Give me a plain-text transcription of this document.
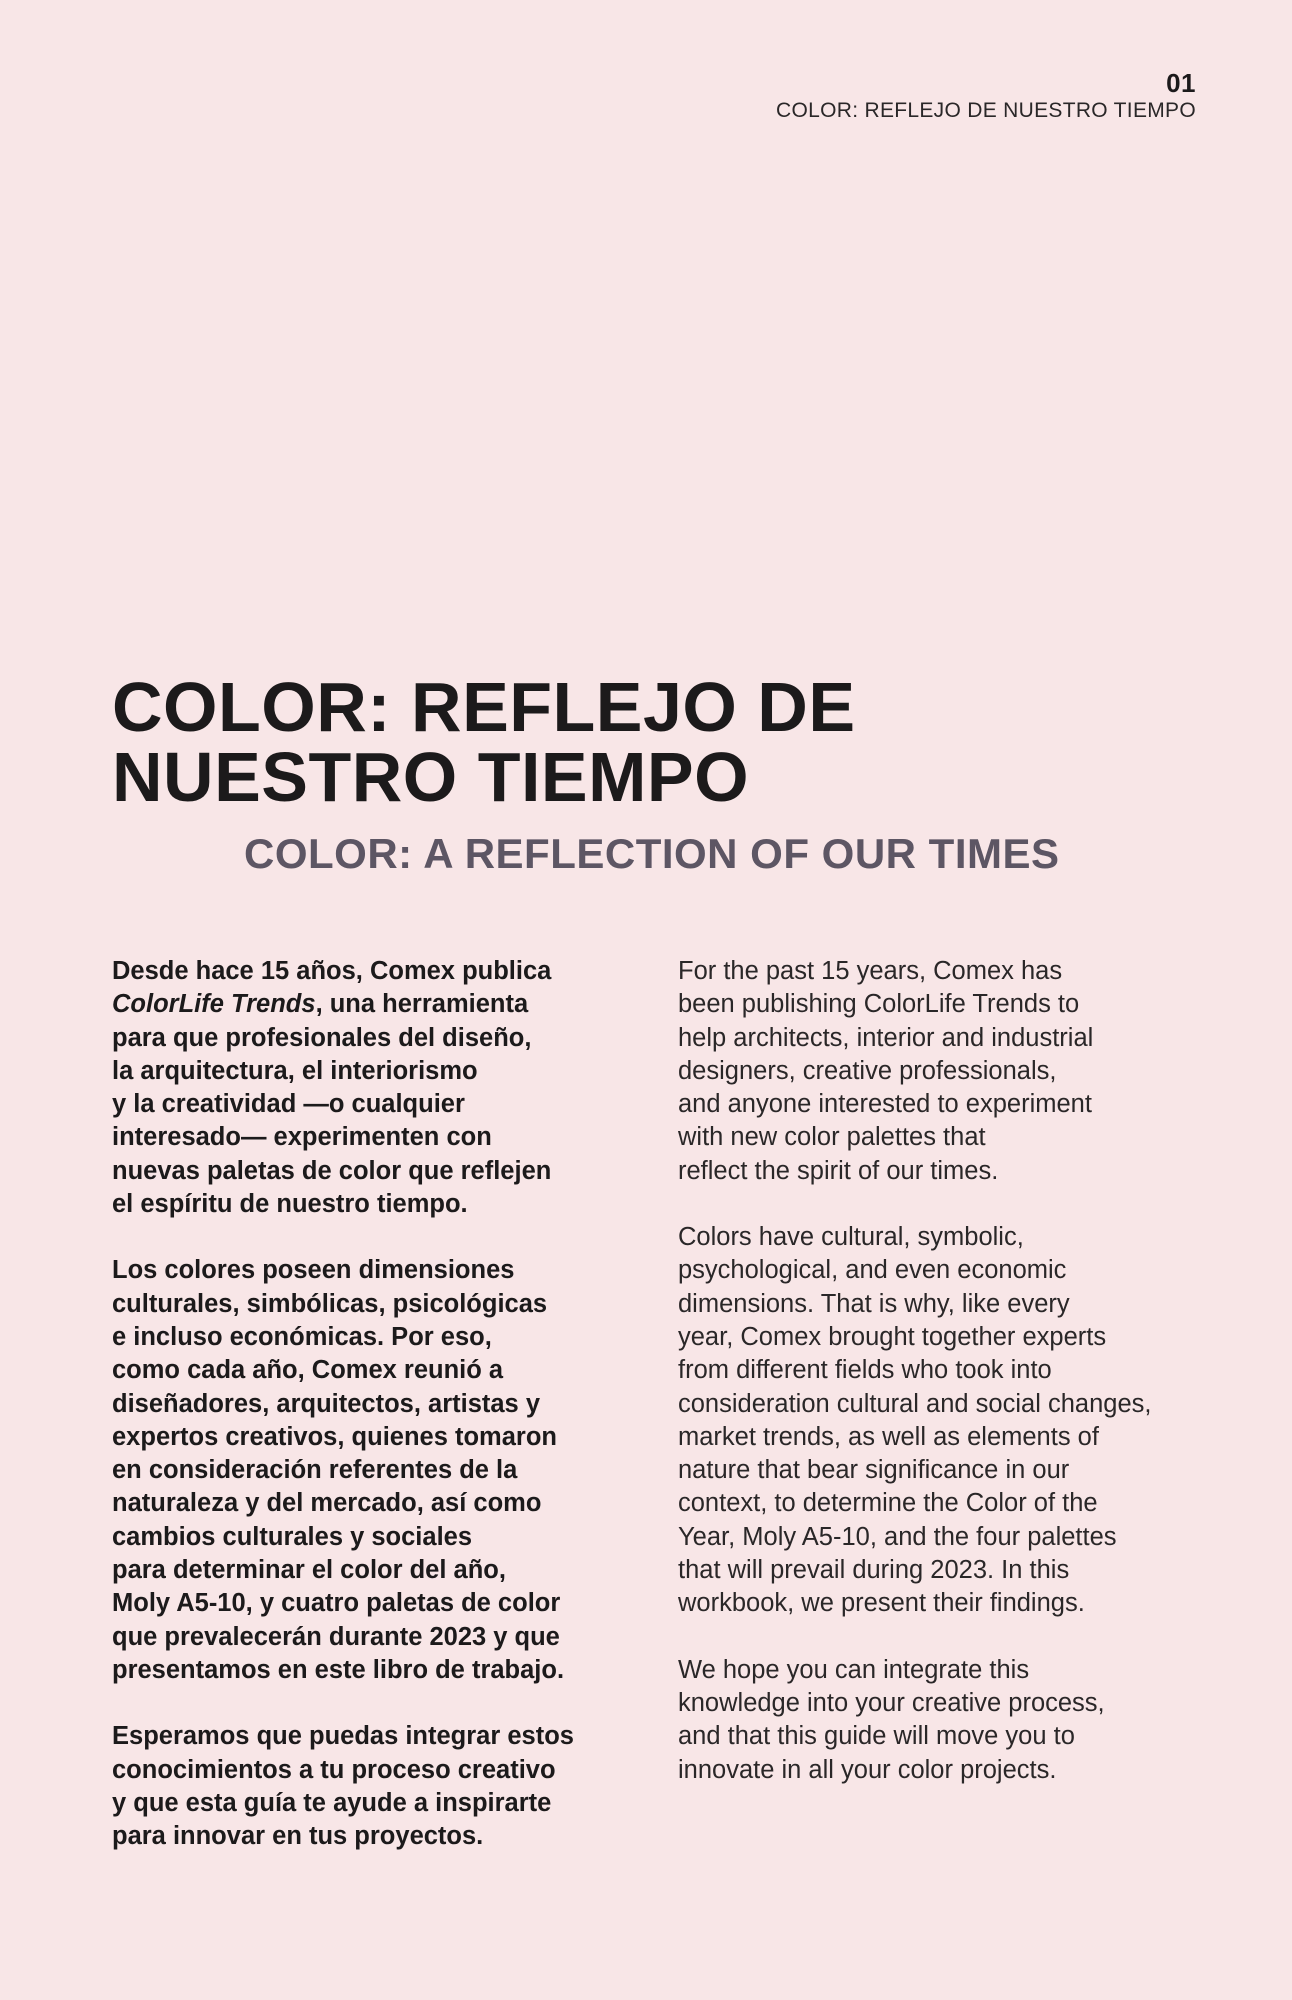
01
COLOR: REFLEJO DE NUESTRO TIEMPO
COLOR: REFLEJO DE
NUESTRO TIEMPO
COLOR: A REFLECTION OF OUR TIMES

Desde hace 15 años, Comex publica
ColorLife Trends, una herramienta
para que profesionales del diseño,
la arquitectura, el interiorismo
y la creatividad —o cualquier
interesado— experimenten con
nuevas paletas de color que reflejen
el espíritu de nuestro tiempo.

Los colores poseen dimensiones
culturales, simbólicas, psicológicas
e incluso económicas. Por eso,
como cada año, Comex reunió a
diseñadores, arquitectos, artistas y
expertos creativos, quienes tomaron
en consideración referentes de la
naturaleza y del mercado, así como
cambios culturales y sociales
para determinar el color del año,
Moly A5-10, y cuatro paletas de color
que prevalecerán durante 2023 y que
presentamos en este libro de trabajo.

Esperamos que puedas integrar estos
conocimientos a tu proceso creativo
y que esta guía te ayude a inspirarte
para innovar en tus proyectos.

For the past 15 years, Comex has
been publishing ColorLife Trends to
help architects, interior and industrial
designers, creative professionals,
and anyone interested to experiment
with new color palettes that
reflect the spirit of our times.

Colors have cultural, symbolic,
psychological, and even economic
dimensions. That is why, like every
year, Comex brought together experts
from different fields who took into
consideration cultural and social changes,
market trends, as well as elements of
nature that bear significance in our
context, to determine the Color of the
Year, Moly A5-10, and the four palettes
that will prevail during 2023. In this
workbook, we present their findings.

We hope you can integrate this
knowledge into your creative process,
and that this guide will move you to
innovate in all your color projects.
